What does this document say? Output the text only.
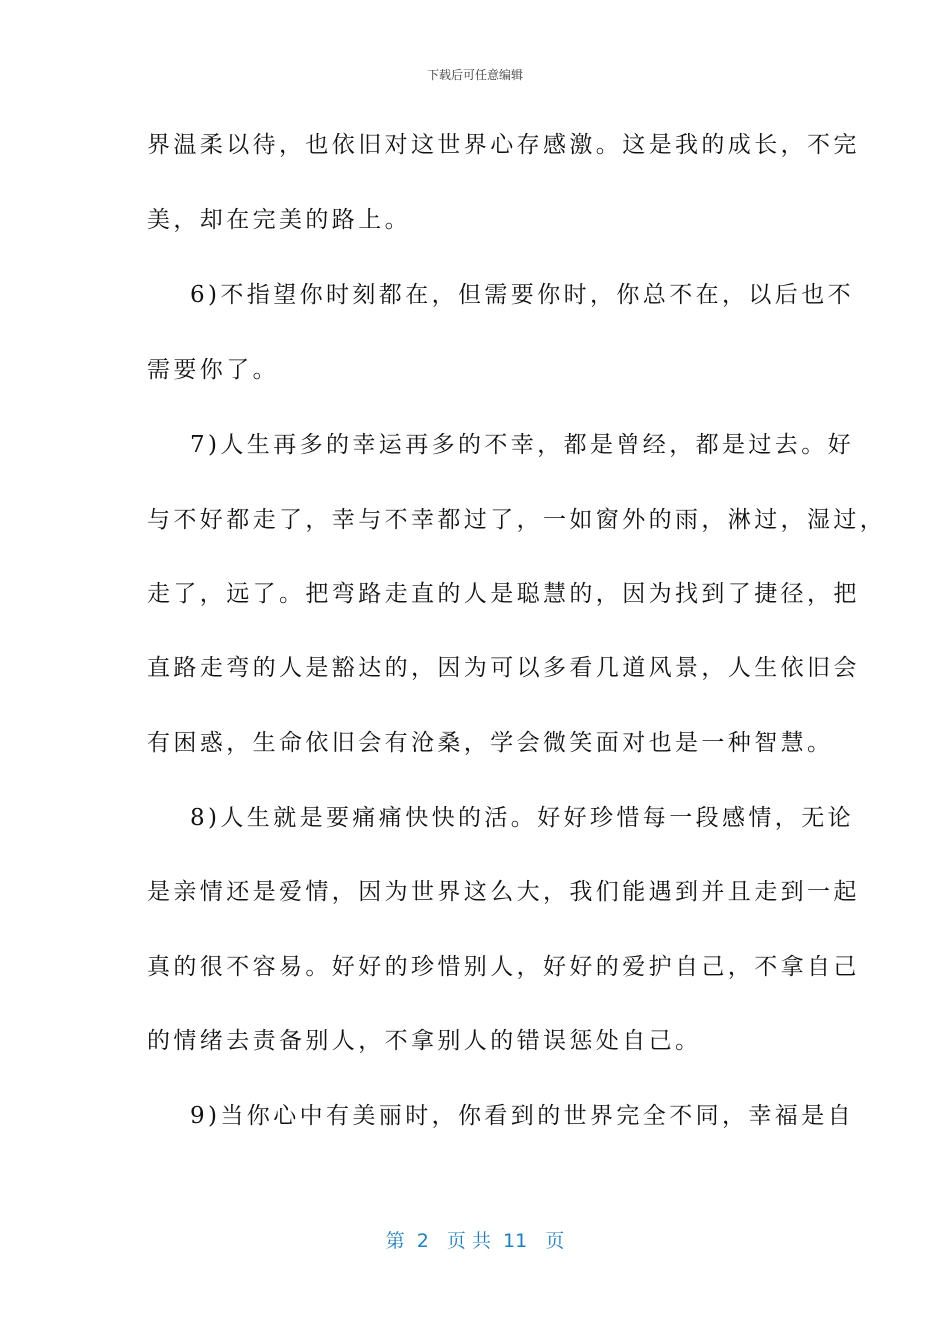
下载后可任意编辑
界温柔以待，也依旧对这世界心存感激。这是我的成长，不完
美，却在完美的路上。
6)不指望你时刻都在，但需要你时，你总不在，以后也不
需要你了。
7)人生再多的幸运再多的不幸，都是曾经，都是过去。好
与不好都走了，幸与不幸都过了，一如窗外的雨，淋过，湿过，
走了，远了。把弯路走直的人是聪慧的，因为找到了捷径，把
直路走弯的人是豁达的，因为可以多看几道风景，人生依旧会
有困惑，生命依旧会有沧桑，学会微笑面对也是一种智慧。
8)人生就是要痛痛快快的活。好好珍惜每一段感情，无论
是亲情还是爱情，因为世界这么大，我们能遇到并且走到一起
真的很不容易。好好的珍惜别人，好好的爱护自己，不拿自己
的情绪去责备别人，不拿别人的错误惩处自己。
9)当你心中有美丽时，你看到的世界完全不同，幸福是自
第  2   页 共  11   页
